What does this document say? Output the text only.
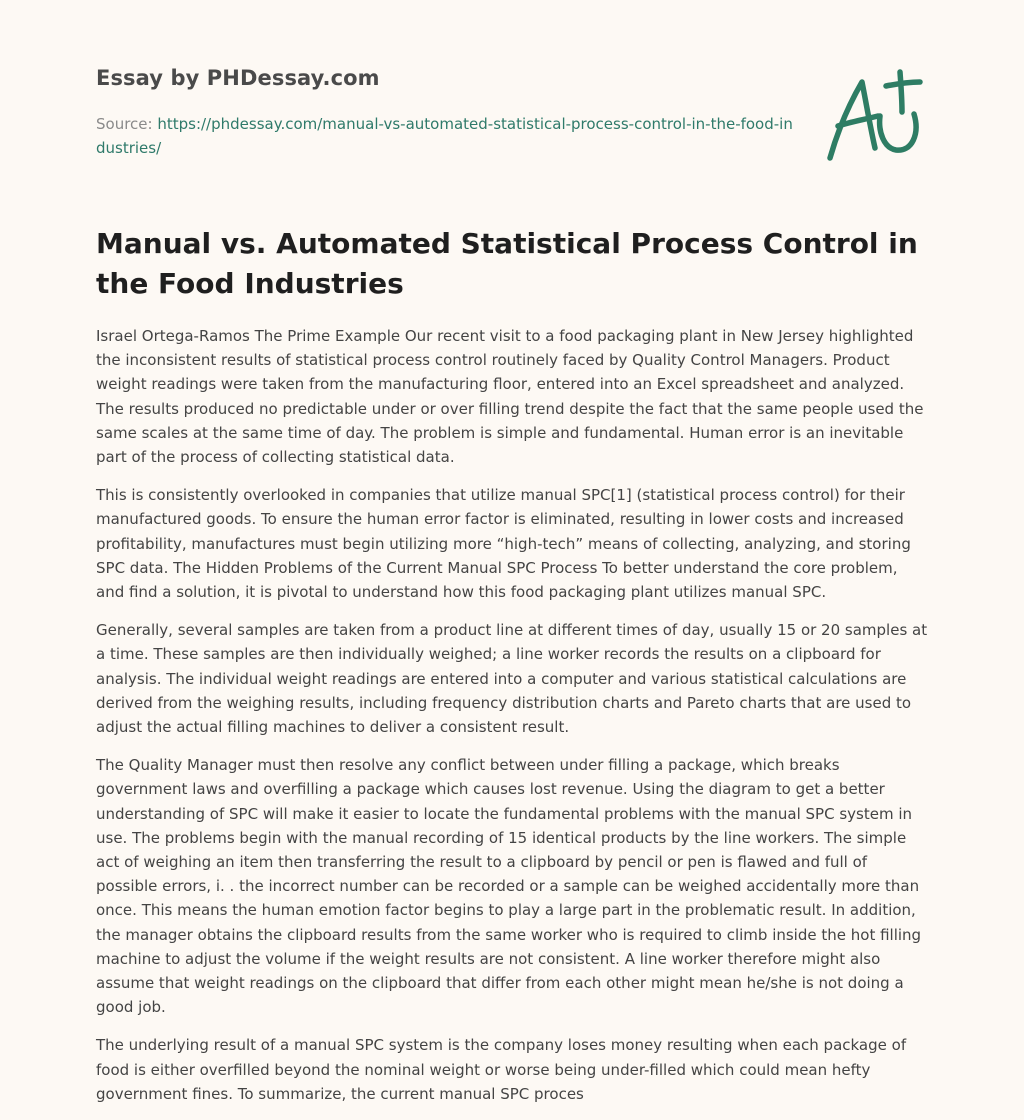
Essay by PHDessay.com
Source: https://phdessay.com/manual-vs-automated-statistical-process-control-in-the-food-industries/
Manual vs. Automated Statistical Process Control in the Food Industries

Israel Ortega-Ramos The Prime Example Our recent visit to a food packaging plant in New Jersey highlighted the inconsistent results of statistical process control routinely faced by Quality Control Managers. Product weight readings were taken from the manufacturing floor, entered into an Excel spreadsheet and analyzed. The results produced no predictable under or over filling trend despite the fact that the same people used the same scales at the same time of day. The problem is simple and fundamental. Human error is an inevitable part of the process of collecting statistical data.

This is consistently overlooked in companies that utilize manual SPC[1] (statistical process control) for their manufactured goods. To ensure the human error factor is eliminated, resulting in lower costs and increased profitability, manufactures must begin utilizing more “high-tech” means of collecting, analyzing, and storing SPC data. The Hidden Problems of the Current Manual SPC Process To better understand the core problem, and find a solution, it is pivotal to understand how this food packaging plant utilizes manual SPC.

Generally, several samples are taken from a product line at different times of day, usually 15 or 20 samples at a time. These samples are then individually weighed; a line worker records the results on a clipboard for analysis. The individual weight readings are entered into a computer and various statistical calculations are derived from the weighing results, including frequency distribution charts and Pareto charts that are used to adjust the actual filling machines to deliver a consistent result.

The Quality Manager must then resolve any conflict between under filling a package, which breaks government laws and overfilling a package which causes lost revenue. Using the diagram to get a better understanding of SPC will make it easier to locate the fundamental problems with the manual SPC system in use. The problems begin with the manual recording of 15 identical products by the line workers. The simple act of weighing an item then transferring the result to a clipboard by pencil or pen is flawed and full of possible errors, i. . the incorrect number can be recorded or a sample can be weighed accidentally more than once. This means the human emotion factor begins to play a large part in the problematic result. In addition, the manager obtains the clipboard results from the same worker who is required to climb inside the hot filling machine to adjust the volume if the weight results are not consistent. A line worker therefore might also assume that weight readings on the clipboard that differ from each other might mean he/she is not doing a good job.

The underlying result of a manual SPC system is the company loses money resulting when each package of food is either overfilled beyond the nominal weight or worse being under-filled which could mean hefty government fines. To summarize, the current manual SPC proces
